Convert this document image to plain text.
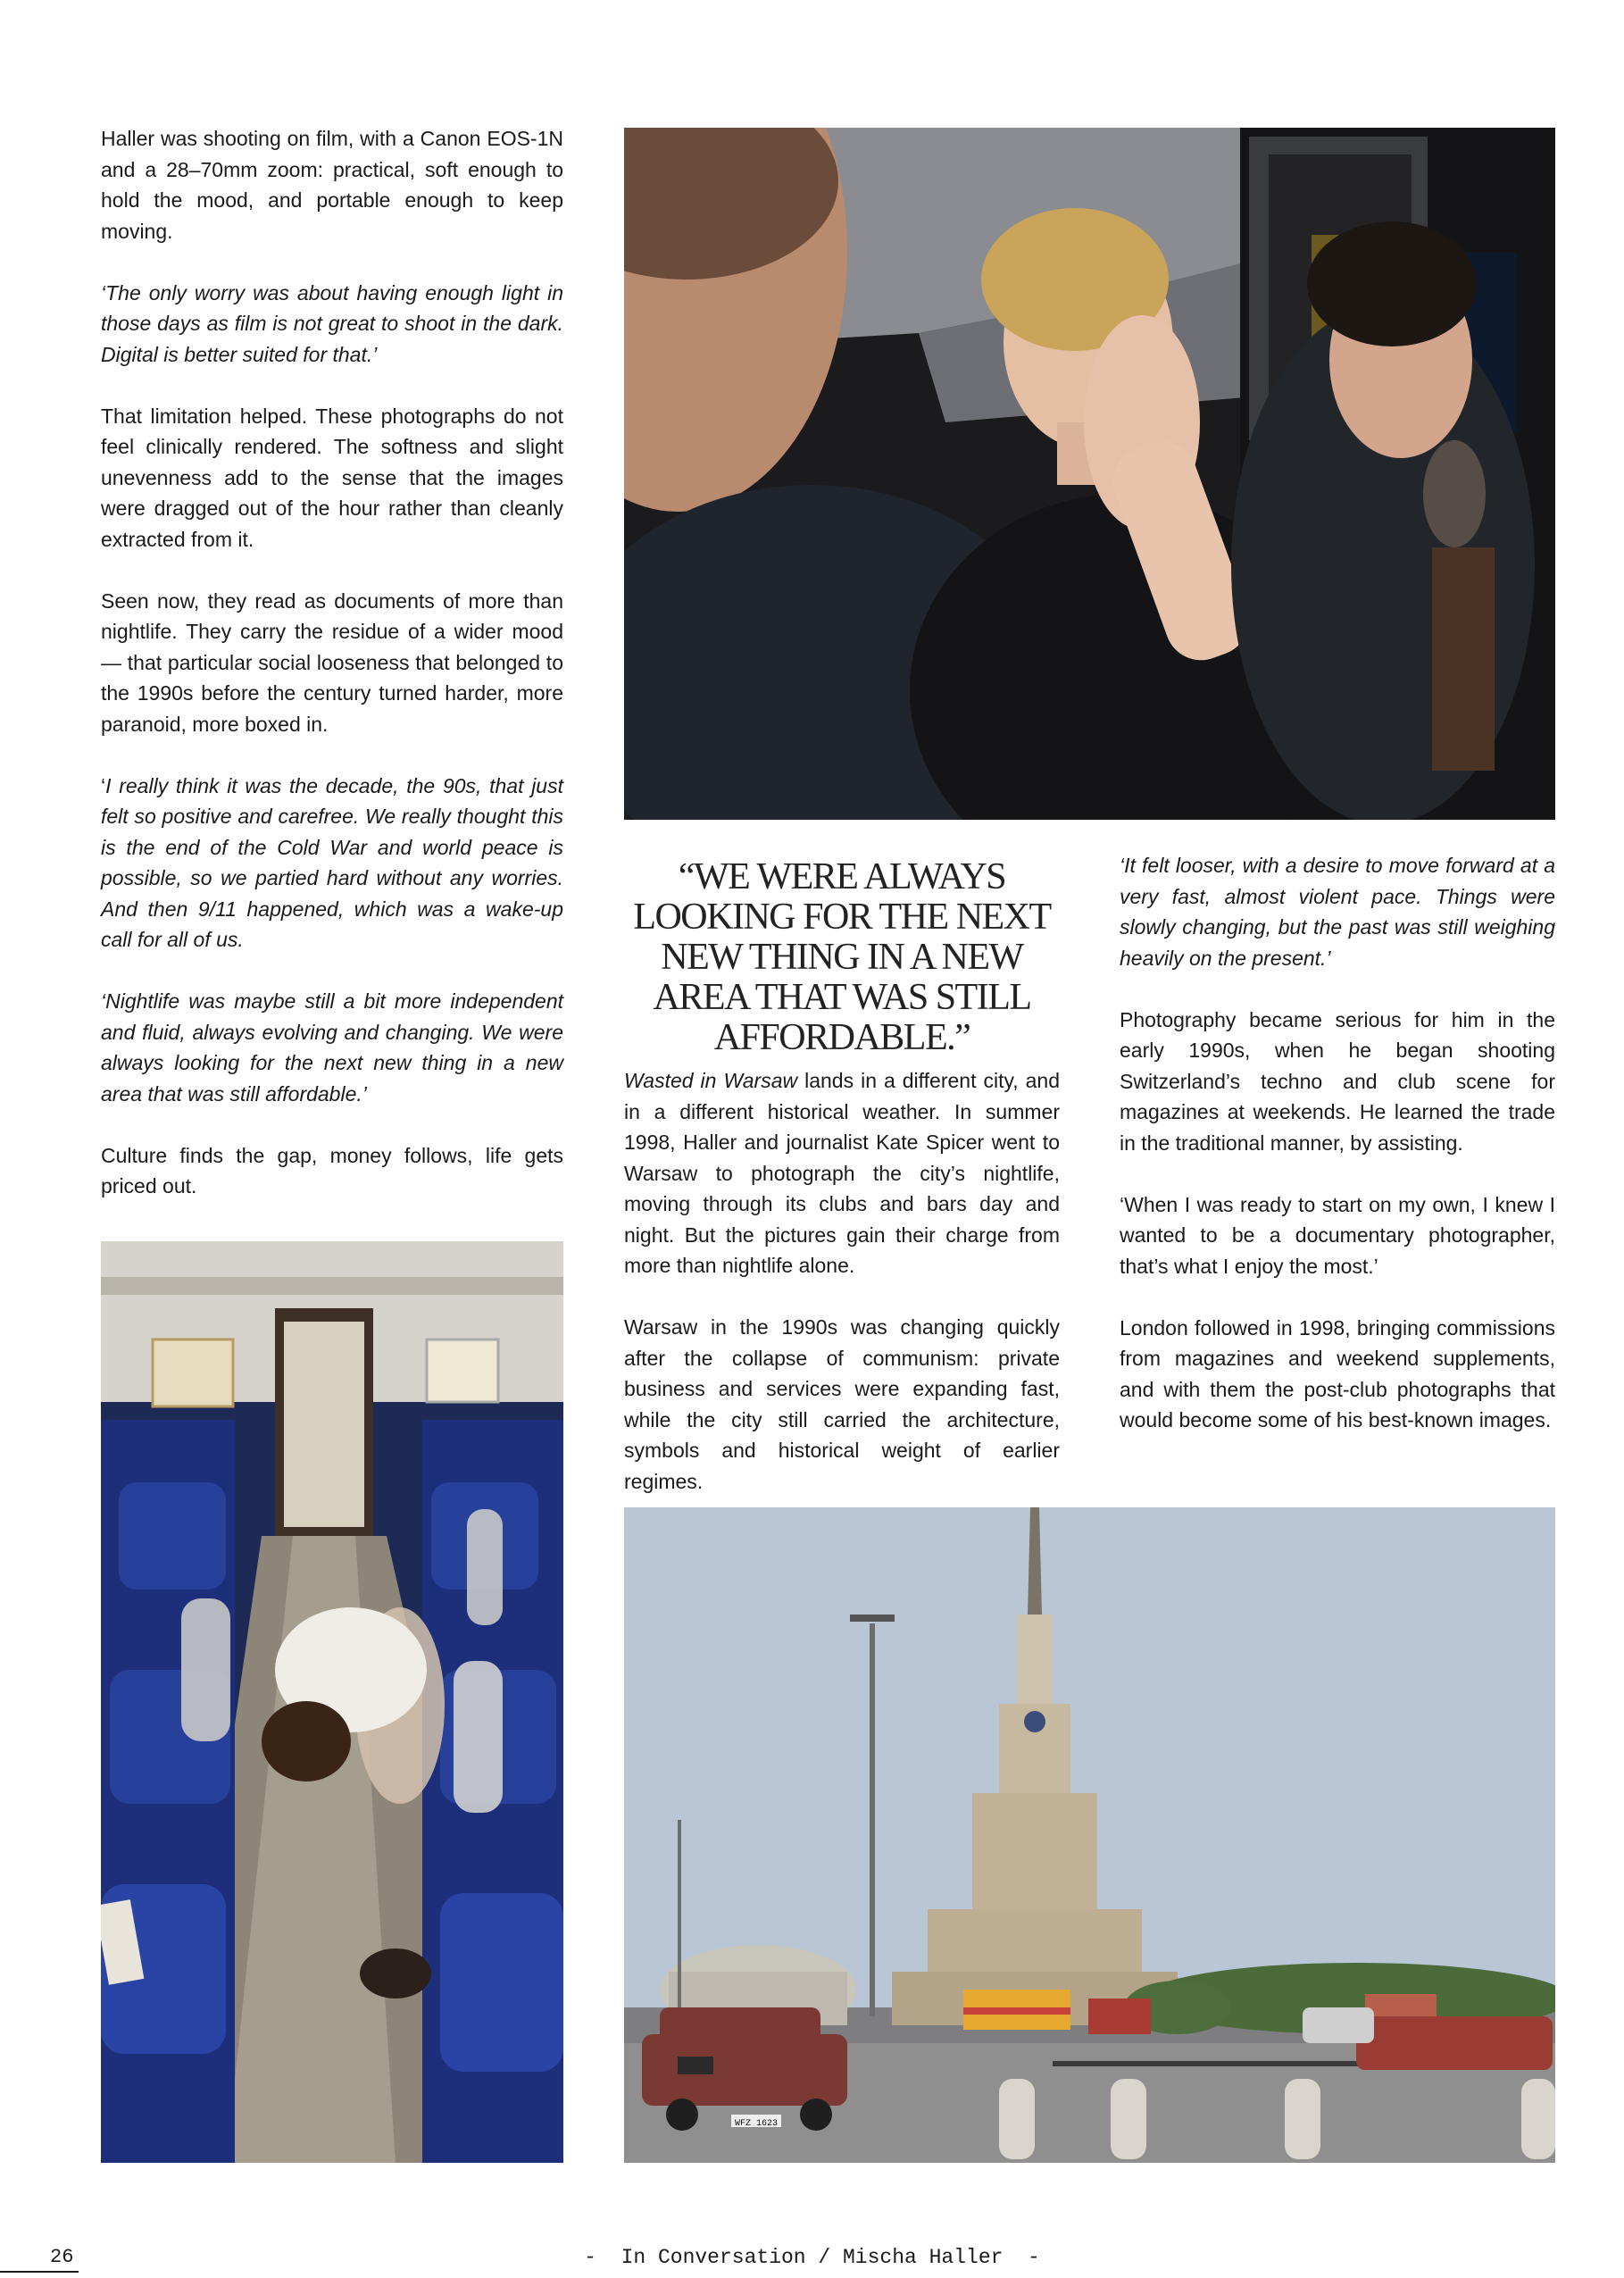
Haller was shooting on film, with a Canon EOS-1N and a 28–70mm zoom: practical, soft enough to hold the mood, and portable enough to keep moving.

‘The only worry was about having enough light in those days as film is not great to shoot in the dark. Digital is better suited for that.’

That limitation helped. These photographs do not feel clinically rendered. The softness and slight unevenness add to the sense that the images were dragged out of the hour rather than cleanly extracted from it.

Seen now, they read as documents of more than nightlife. They carry the residue of a wider mood — that particular social looseness that belonged to the 1990s before the century turned harder, more paranoid, more boxed in.

‘I really think it was the decade, the 90s, that just felt so positive and carefree. We really thought this is the end of the Cold War and world peace is possible, so we partied hard without any worries. And then 9/11 happened, which was a wake-up call for all of us.

‘Nightlife was maybe still a bit more independent and fluid, always evolving and changing. We were always looking for the next new thing in a new area that was still affordable.’

Culture finds the gap, money follows, life gets priced out.

“WE WERE ALWAYS LOOKING FOR THE NEXT NEW THING IN A NEW AREA THAT WAS STILL AFFORDABLE.”

Wasted in Warsaw lands in a different city, and in a different historical weather. In summer 1998, Haller and journalist Kate Spicer went to Warsaw to photograph the city’s nightlife, moving through its clubs and bars day and night. But the pictures gain their charge from more than nightlife alone.

Warsaw in the 1990s was changing quickly after the collapse of communism: private business and services were expanding fast, while the city still carried the architecture, symbols and historical weight of earlier regimes.

‘It felt looser, with a desire to move forward at a very fast, almost violent pace. Things were slowly changing, but the past was still weighing heavily on the present.’

Photography became serious for him in the early 1990s, when he began shooting Switzerland’s techno and club scene for magazines at weekends. He learned the trade in the traditional manner, by assisting.

‘When I was ready to start on my own, I knew I wanted to be a documentary photographer, that’s what I enjoy the most.’

London followed in 1998, bringing commissions from magazines and weekend supplements, and with them the post-club photographs that would become some of his best-known images.

WFZ 1623
26	-  In Conversation / Mischa Haller  -
